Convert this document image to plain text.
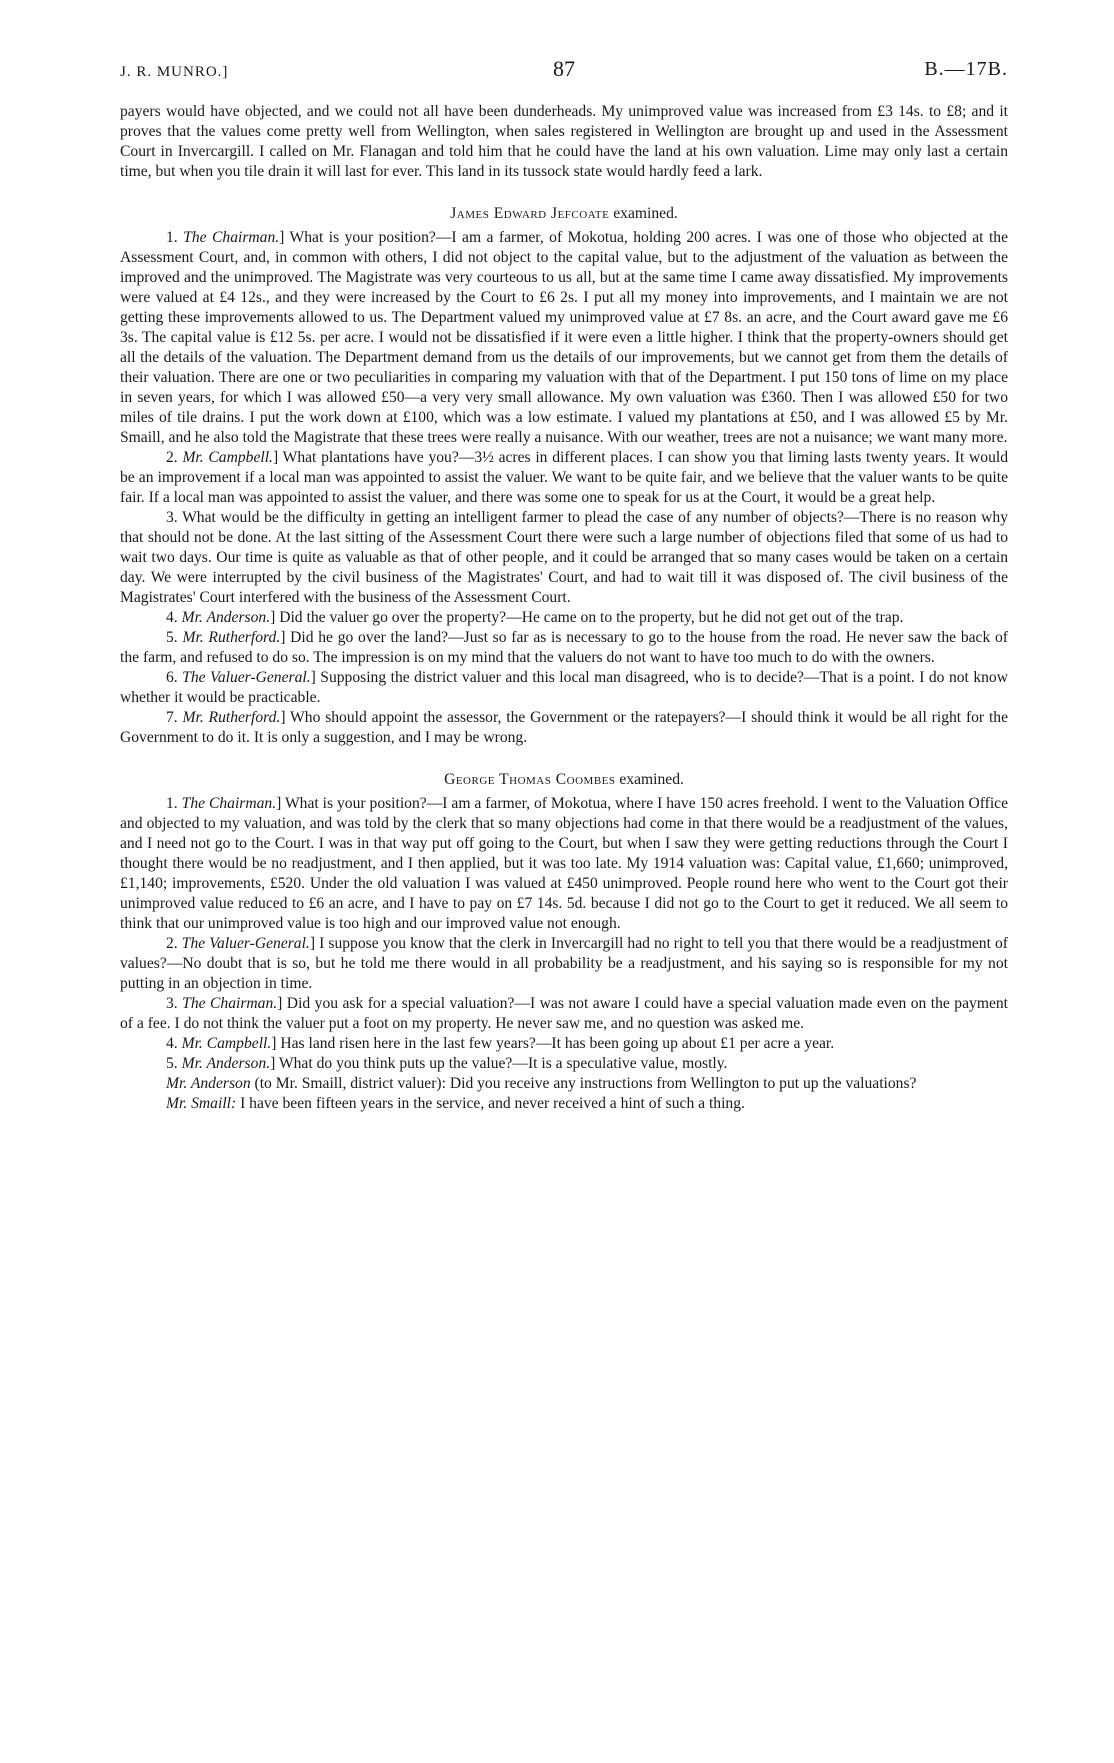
J. R. MUNRO.]	87	B.—17B.

payers would have objected, and we could not all have been dunderheads. My unimproved value was increased from £3 14s. to £8; and it proves that the values come pretty well from Wellington, when sales registered in Wellington are brought up and used in the Assessment Court in Invercargill. I called on Mr. Flanagan and told him that he could have the land at his own valuation. Lime may only last a certain time, but when you tile drain it will last for ever. This land in its tussock state would hardly feed a lark.

James Edward Jefcoate examined.

1. The Chairman.] What is your position?—I am a farmer, of Mokotua, holding 200 acres. I was one of those who objected at the Assessment Court, and, in common with others, I did not object to the capital value, but to the adjustment of the valuation as between the improved and the unimproved. The Magistrate was very courteous to us all, but at the same time I came away dissatisfied. My improvements were valued at £4 12s., and they were increased by the Court to £6 2s. I put all my money into improvements, and I maintain we are not getting these improvements allowed to us. The Department valued my unimproved value at £7 8s. an acre, and the Court award gave me £6 3s. The capital value is £12 5s. per acre. I would not be dissatisfied if it were even a little higher. I think that the property-owners should get all the details of the valuation. The Department demand from us the details of our improvements, but we cannot get from them the details of their valuation. There are one or two peculiarities in comparing my valuation with that of the Department. I put 150 tons of lime on my place in seven years, for which I was allowed £50—a very very small allowance. My own valuation was £360. Then I was allowed £50 for two miles of tile drains. I put the work down at £100, which was a low estimate. I valued my plantations at £50, and I was allowed £5 by Mr. Smaill, and he also told the Magistrate that these trees were really a nuisance. With our weather, trees are not a nuisance; we want many more.

2. Mr. Campbell.] What plantations have you?—3½ acres in different places. I can show you that liming lasts twenty years. It would be an improvement if a local man was appointed to assist the valuer. We want to be quite fair, and we believe that the valuer wants to be quite fair. If a local man was appointed to assist the valuer, and there was some one to speak for us at the Court, it would be a great help.

3. What would be the difficulty in getting an intelligent farmer to plead the case of any number of objects?—There is no reason why that should not be done. At the last sitting of the Assessment Court there were such a large number of objections filed that some of us had to wait two days. Our time is quite as valuable as that of other people, and it could be arranged that so many cases would be taken on a certain day. We were interrupted by the civil business of the Magistrates' Court, and had to wait till it was disposed of. The civil business of the Magistrates' Court interfered with the business of the Assessment Court.

4. Mr. Anderson.] Did the valuer go over the property?—He came on to the property, but he did not get out of the trap.

5. Mr. Rutherford.] Did he go over the land?—Just so far as is necessary to go to the house from the road. He never saw the back of the farm, and refused to do so. The impression is on my mind that the valuers do not want to have too much to do with the owners.

6. The Valuer-General.] Supposing the district valuer and this local man disagreed, who is to decide?—That is a point. I do not know whether it would be practicable.

7. Mr. Rutherford.] Who should appoint the assessor, the Government or the ratepayers?—I should think it would be all right for the Government to do it. It is only a suggestion, and I may be wrong.

George Thomas Coombes examined.

1. The Chairman.] What is your position?—I am a farmer, of Mokotua, where I have 150 acres freehold. I went to the Valuation Office and objected to my valuation, and was told by the clerk that so many objections had come in that there would be a readjustment of the values, and I need not go to the Court. I was in that way put off going to the Court, but when I saw they were getting reductions through the Court I thought there would be no readjustment, and I then applied, but it was too late. My 1914 valuation was: Capital value, £1,660; unimproved, £1,140; improvements, £520. Under the old valuation I was valued at £450 unimproved. People round here who went to the Court got their unimproved value reduced to £6 an acre, and I have to pay on £7 14s. 5d. because I did not go to the Court to get it reduced. We all seem to think that our unimproved value is too high and our improved value not enough.

2. The Valuer-General.] I suppose you know that the clerk in Invercargill had no right to tell you that there would be a readjustment of values?—No doubt that is so, but he told me there would in all probability be a readjustment, and his saying so is responsible for my not putting in an objection in time.

3. The Chairman.] Did you ask for a special valuation?—I was not aware I could have a special valuation made even on the payment of a fee. I do not think the valuer put a foot on my property. He never saw me, and no question was asked me.

4. Mr. Campbell.] Has land risen here in the last few years?—It has been going up about £1 per acre a year.

5. Mr. Anderson.] What do you think puts up the value?—It is a speculative value, mostly.

Mr. Anderson (to Mr. Smaill, district valuer): Did you receive any instructions from Wellington to put up the valuations?

Mr. Smaill: I have been fifteen years in the service, and never received a hint of such a thing.
